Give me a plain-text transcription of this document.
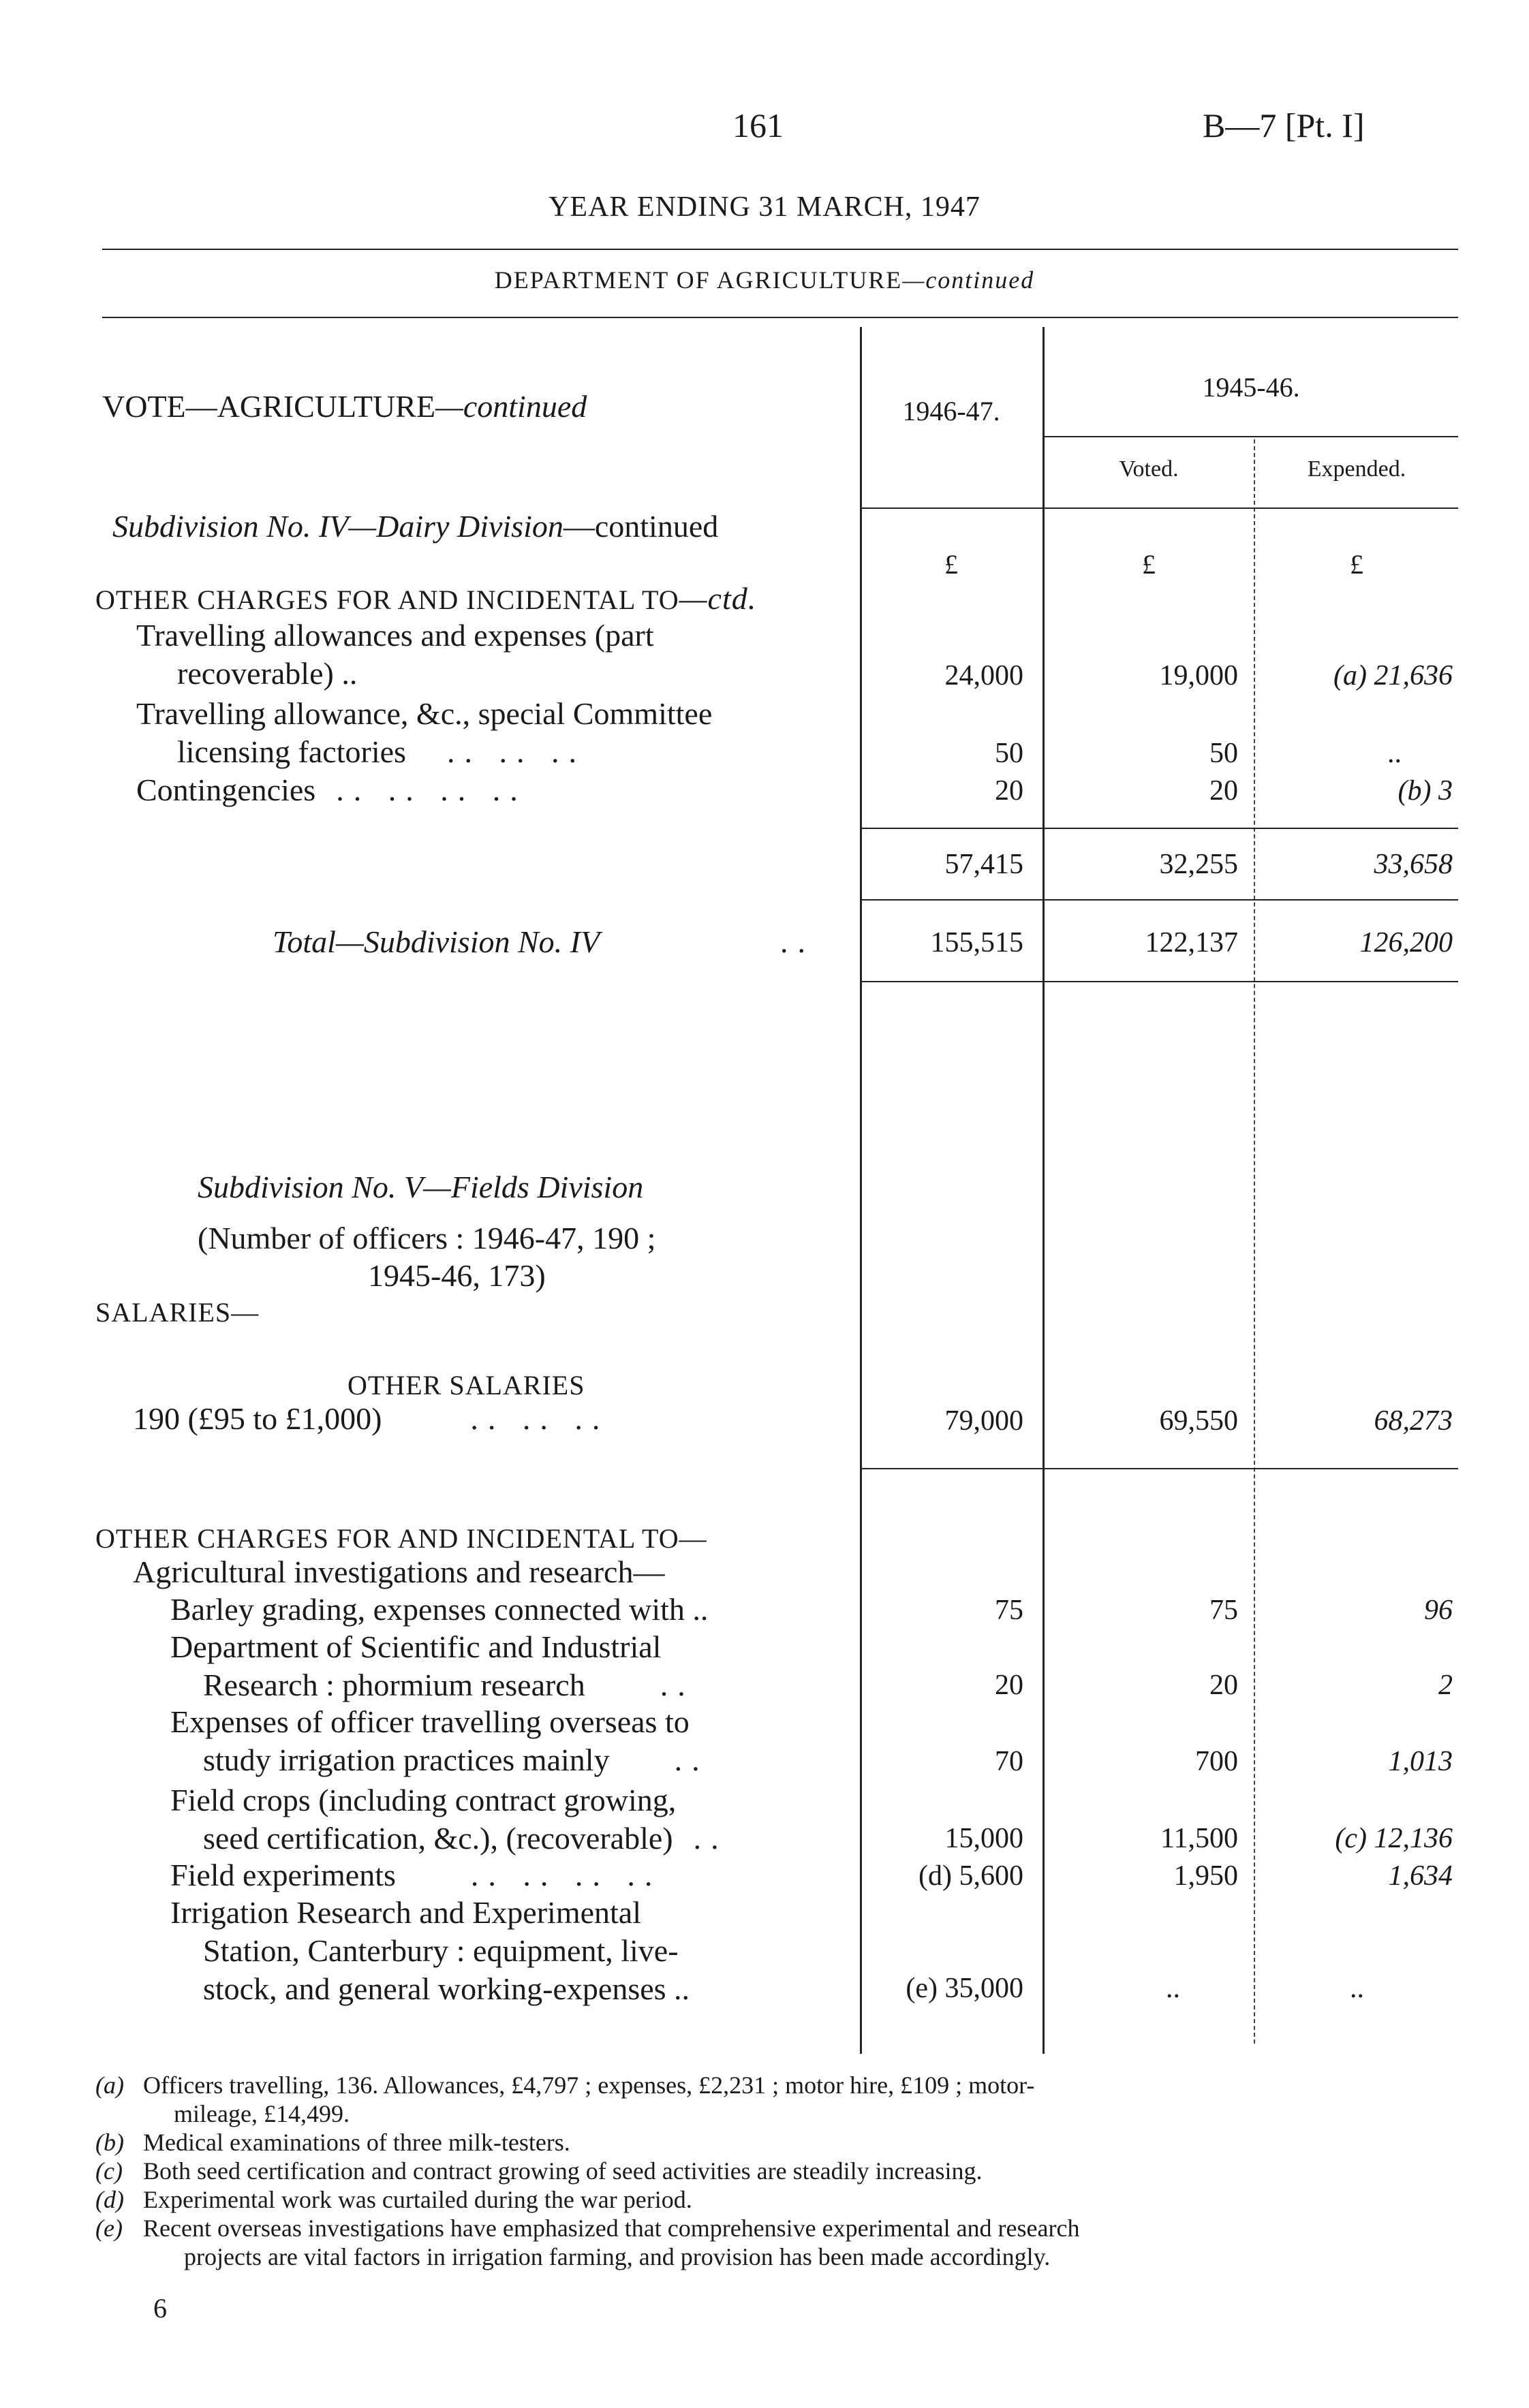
161	B—7 [Pt. I]
YEAR ENDING 31 MARCH, 1947
DEPARTMENT OF AGRICULTURE—continued
VOTE—AGRICULTURE—continued	1946-47.
1945-46.
Voted.	Expended.
£	£	£
Subdivision No. IV—Dairy Division—continued
OTHER CHARGES FOR AND INCIDENTAL TO—ctd.
Travelling allowances and expenses (part
recoverable) ..	24,000	19,000	(a) 21,636
Travelling allowance, &c., special Committee
licensing factories .. .. ..	50	50	..
Contingencies .. .. .. ..	20	20	(b) 3
57,415	32,255	33,658
Total—Subdivision No. IV	..	155,515	122,137	126,200
Subdivision No. V—Fields Division
(Number of officers : 1946-47, 190 ;
1945-46, 173)
SALARIES—
OTHER SALARIES
190 (£95 to £1,000)	.. .. ..	79,000	69,550	68,273
OTHER CHARGES FOR AND INCIDENTAL TO—
Agricultural investigations and research—
Barley grading, expenses connected with ..	75	75	96
Department of Scientific and Industrial
Research : phormium research ..	20	20	2
Expenses of officer travelling overseas to
study irrigation practices mainly ..	70	700	1,013
Field crops (including contract growing,
seed certification, &c.), (recoverable) ..	15,000	11,500	(c) 12,136
Field experiments .. .. .. ..	(d) 5,600	1,950	1,634
Irrigation Research and Experimental
Station, Canterbury : equipment, live-
stock, and general working-expenses ..	(e) 35,000	..	..
(a) Officers travelling, 136. Allowances, £4,797 ; expenses, £2,231 ; motor hire, £109 ; motor-
mileage, £14,499.
(b) Medical examinations of three milk-testers.
(c) Both seed certification and contract growing of seed activities are steadily increasing.
(d) Experimental work was curtailed during the war period.
(e) Recent overseas investigations have emphasized that comprehensive experimental and research
projects are vital factors in irrigation farming, and provision has been made accordingly.
6
